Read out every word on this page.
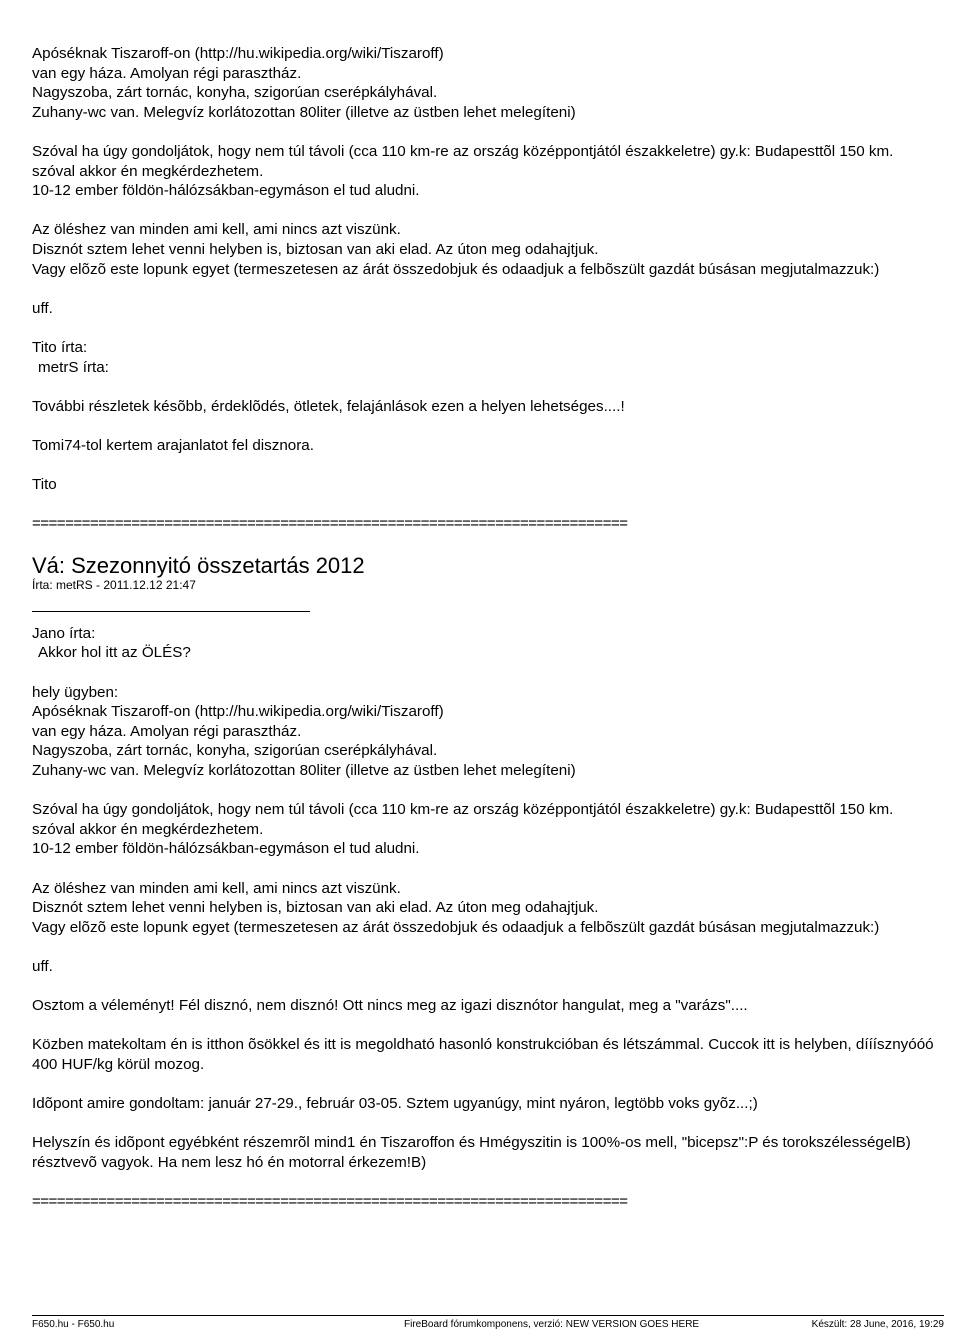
Apóséknak Tiszaroff-on (http://hu.wikipedia.org/wiki/Tiszaroff)
van egy háza. Amolyan régi parasztház.
Nagyszoba, zárt tornác, konyha, szigorúan cserépkályhával.
Zuhany-wc van. Melegvíz korlátozottan 80liter (illetve az üstben lehet melegíteni)
Szóval ha úgy gondoljátok, hogy nem túl távoli (cca 110 km-re az ország középpontjától északkeletre) gy.k: Budapesttõl 150 km.
szóval akkor én megkérdezhetem.
10-12 ember földön-hálózsákban-egymáson el tud aludni.
Az öléshez van minden ami kell, ami nincs azt viszünk.
Disznót sztem lehet venni helyben is, biztosan van aki elad. Az úton meg odahajtjuk.
Vagy elõzõ este lopunk egyet (termeszetesen az árát összedobjuk és odaadjuk a felbõszült gazdát búsásan megjutalmazzuk:)
uff.
Tito írta:
metrS írta:
További részletek késõbb, érdeklõdés, ötletek, felajánlások ezen a helyen lehetséges....!
Tomi74-tol kertem arajanlatot fel disznora.
Tito
========================================================================
Vá: Szezonnyitó összetartás 2012
Írta: metRS - 2011.12.12 21:47
Jano írta:
Akkor hol itt az ÖLÉS?
hely ügyben:
Apóséknak Tiszaroff-on (http://hu.wikipedia.org/wiki/Tiszaroff)
van egy háza. Amolyan régi parasztház.
Nagyszoba, zárt tornác, konyha, szigorúan cserépkályhával.
Zuhany-wc van. Melegvíz korlátozottan 80liter (illetve az üstben lehet melegíteni)
Szóval ha úgy gondoljátok, hogy nem túl távoli (cca 110 km-re az ország középpontjától északkeletre) gy.k: Budapesttõl 150 km.
szóval akkor én megkérdezhetem.
10-12 ember földön-hálózsákban-egymáson el tud aludni.
Az öléshez van minden ami kell, ami nincs azt viszünk.
Disznót sztem lehet venni helyben is, biztosan van aki elad. Az úton meg odahajtjuk.
Vagy elõzõ este lopunk egyet (termeszetesen az árát összedobjuk és odaadjuk a felbõszült gazdát búsásan megjutalmazzuk:)
uff.
Osztom a véleményt! Fél disznó, nem disznó! Ott nincs meg az igazi disznótor hangulat, meg a "varázs"....
Közben matekoltam én is itthon õsökkel és itt is megoldható hasonló konstrukcióban és létszámmal. Cuccok itt is helyben, dííísznyóóó 400 HUF/kg körül mozog.
Idõpont amire gondoltam: január 27-29., február 03-05. Sztem ugyanúgy, mint nyáron, legtöbb voks gyõz...;)
Helyszín és idõpont egyébként részemrõl mind1 én Tiszaroffon és Hmégyszitin is 100%-os mell, "bicepsz":P és torokszélességelB) résztvevõ vagyok. Ha nem lesz hó én motorral érkezem!B)
========================================================================
F650.hu - F650.hu	FireBoard fórumkomponens, verzió: NEW VERSION GOES HERE	Készült: 28 June, 2016, 19:29
